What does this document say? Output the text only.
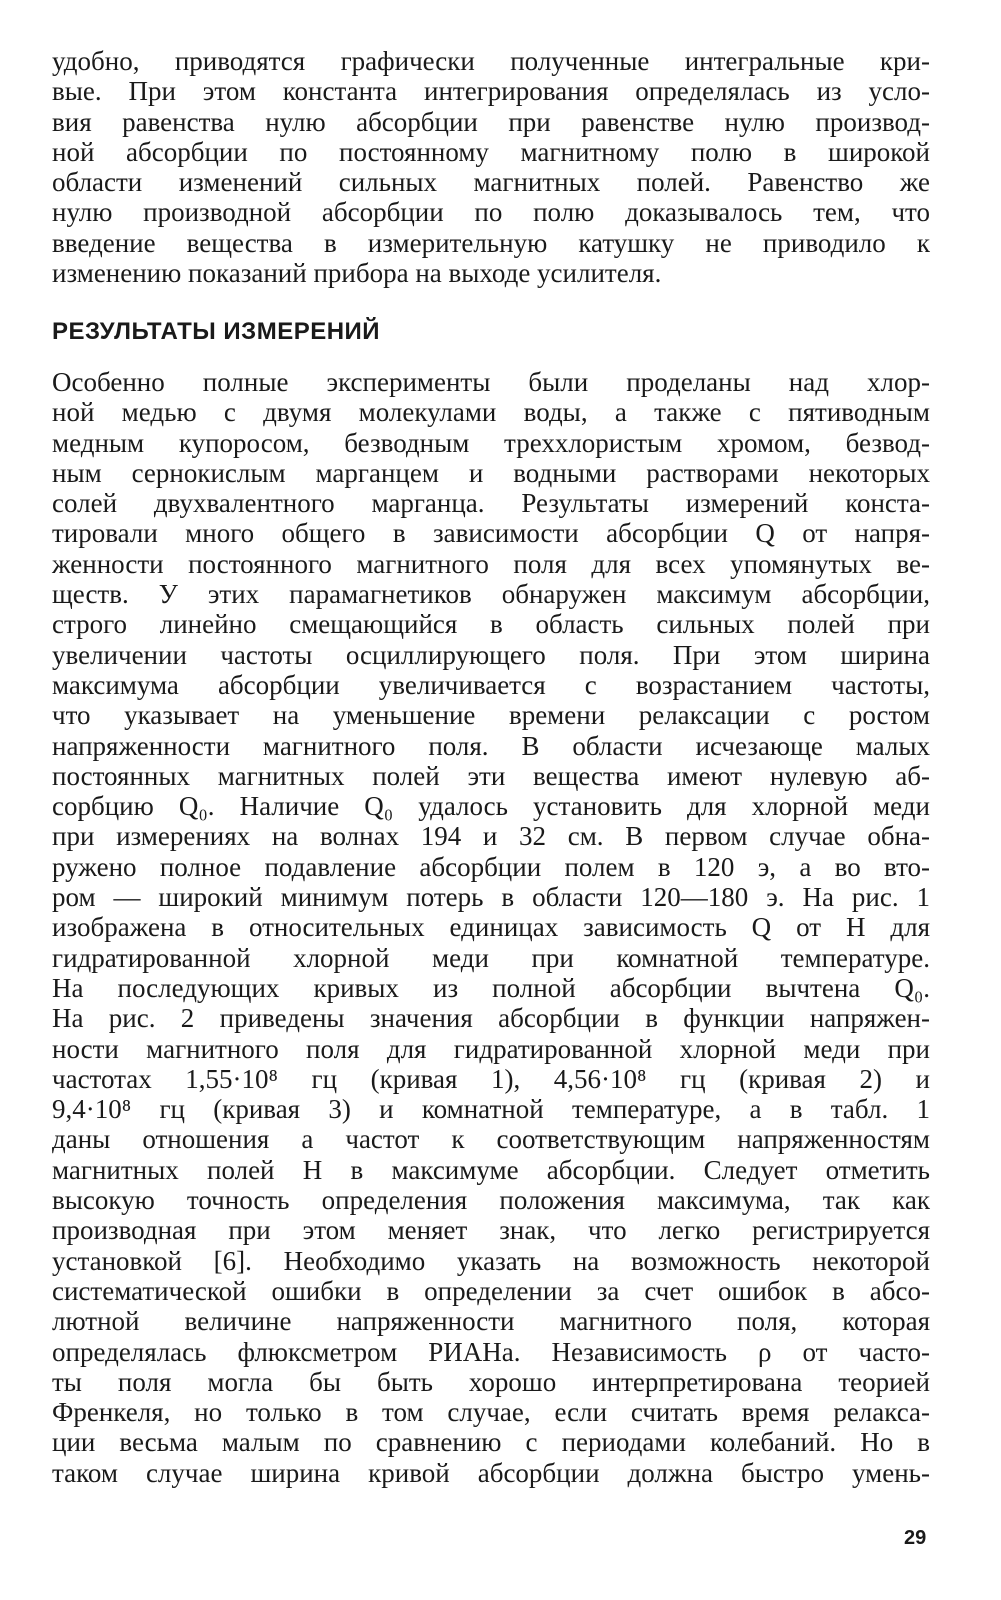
удобно, приводятся графически полученные интегральные кри-
вые. При этом константа интегрирования определялась из усло-
вия равенства нулю абсорбции при равенстве нулю производ-
ной абсорбции по постоянному магнитному полю в широкой
области изменений сильных магнитных полей. Равенство же
нулю производной абсорбции по полю доказывалось тем, что
введение вещества в измерительную катушку не приводило к
изменению показаний прибора на выходе усилителя.
РЕЗУЛЬТАТЫ ИЗМЕРЕНИЙ
Особенно полные эксперименты были проделаны над хлор-
ной медью с двумя молекулами воды, а также с пятиводным
медным купоросом, безводным треххлористым хромом, безвод-
ным сернокислым марганцем и водными растворами некоторых
солей двухвалентного марганца. Результаты измерений конста-
тировали много общего в зависимости абсорбции Q от напря-
женности постоянного магнитного поля для всех упомянутых ве-
ществ. У этих парамагнетиков обнаружен максимум абсорбции,
строго линейно смещающийся в область сильных полей при
увеличении частоты осциллирующего поля. При этом ширина
максимума абсорбции увеличивается с возрастанием частоты,
что указывает на уменьшение времени релаксации с ростом
напряженности магнитного поля. В области исчезающе малых
постоянных магнитных полей эти вещества имеют нулевую аб-
сорбцию Q₀. Наличие Q₀ удалось установить для хлорной меди
при измерениях на волнах 194 и 32 см. В первом случае обна-
ружено полное подавление абсорбции полем в 120 э, а во вто-
ром — широкий минимум потерь в области 120—180 э. На рис. 1
изображена в относительных единицах зависимость Q от H для
гидратированной хлорной меди при комнатной температуре.
На последующих кривых из полной абсорбции вычтена Q₀.
На рис. 2 приведены значения абсорбции в функции напряжен-
ности магнитного поля для гидратированной хлорной меди при
частотах 1,55·10⁸ гц (кривая 1), 4,56·10⁸ гц (кривая 2) и
9,4·10⁸ гц (кривая 3) и комнатной температуре, а в табл. 1
даны отношения a частот к соответствующим напряженностям
магнитных полей H в максимуме абсорбции. Следует отметить
высокую точность определения положения максимума, так как
производная при этом меняет знак, что легко регистрируется
установкой [6]. Необходимо указать на возможность некоторой
систематической ошибки в определении за счет ошибок в абсо-
лютной величине напряженности магнитного поля, которая
определялась флюксметром РИАНа. Независимость ρ от часто-
ты поля могла бы быть хорошо интерпретирована теорией
Френкеля, но только в том случае, если считать время релакса-
ции весьма малым по сравнению с периодами колебаний. Но в
таком случае ширина кривой абсорбции должна быстро умень-
29
